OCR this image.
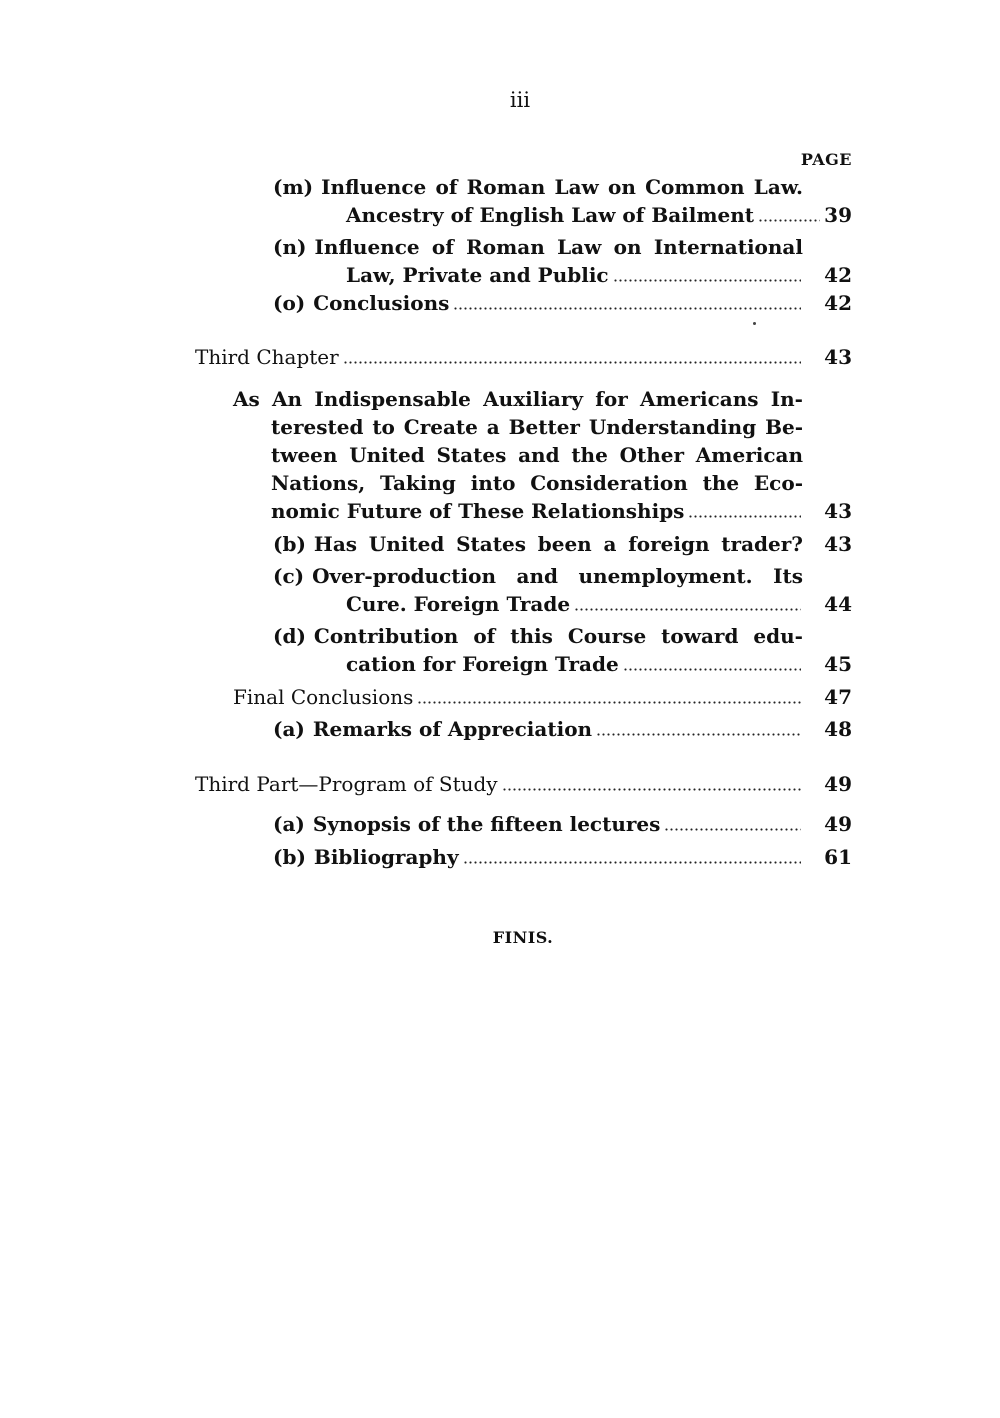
iii
PAGE
(m) Influence of Roman Law on Common Law.
Ancestry of English Law of Bailment	39
(n) Influence of Roman Law on International
Law, Private and Public	42
(o) Conclusions	42
Third Chapter	43
As An Indispensable Auxiliary for Americans In-
terested to Create a Better Understanding Be-
tween United States and the Other American
Nations, Taking into Consideration the Eco-
nomic Future of These Relationships	43
(b) Has United States been a foreign trader?	43
(c) Over-production and unemployment. Its
Cure. Foreign Trade	44
(d) Contribution of this Course toward edu-
cation for Foreign Trade	45
Final Conclusions	47
(a) Remarks of Appreciation	48
Third Part—Program of Study	49
(a) Synopsis of the fifteen lectures	49
(b) Bibliography	61
FINIS.
